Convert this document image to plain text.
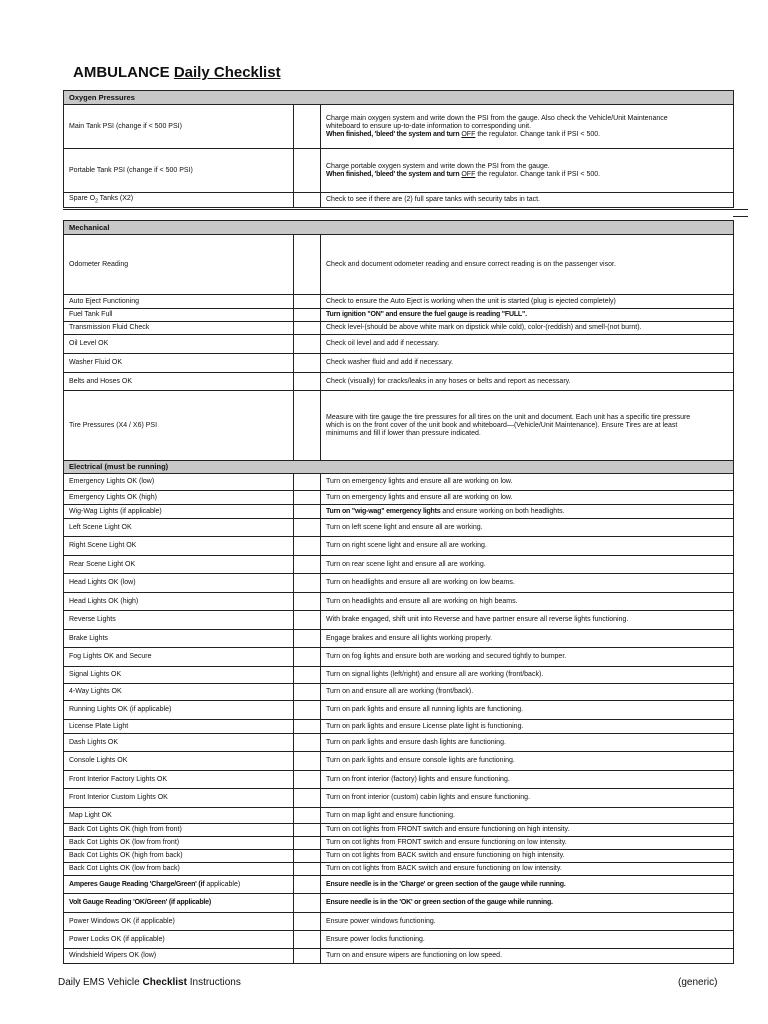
AMBULANCE Daily Checklist
Oxygen Pressures		
Main Tank PSI (change if < 500 PSI)		Charge main oxygen system and write down the PSI from the gauge. Also check the Vehicle/Unit Maintenance
whiteboard to ensure up-to-date information to corresponding unit.
When finished, 'bleed' the system and turn OFF the regulator. Change tank if PSI < 500.

Portable Tank PSI (change if < 500 PSI)		Charge portable oxygen system and write down the PSI from the gauge.
When finished, 'bleed' the system and turn OFF the regulator. Change tank if PSI < 500.

Spare $O_2$ Tanks (X2)		Check to see if there are (2) full spare tanks with security tabs in tact.
Mechanical		
Odometer Reading		Check and document odometer reading and ensure correct reading is on the passenger visor.
Auto Eject Functioning		Check to ensure the Auto Eject is working when the unit is started (plug is ejected completely)
Fuel Tank Full		Turn ignition "ON" and ensure the fuel gauge is reading "FULL".
Transmission Fluid Check		Check level-(should be above white mark on dipstick while cold), color-(reddish) and smell-(not burnt).
Oil Level OK		Check oil level and add if necessary.
Washer Fluid OK		Check washer fluid and add if necessary.
Belts and Hoses OK		Check (visually) for cracks/leaks in any hoses or belts and report as necessary.
Tire Pressures (X4 / X6) PSI		Measure with tire gauge the tire pressures for all tires on the unit and document. Each unit has a specific tire pressure
which is on the front cover of the unit book and whiteboard—(Vehicle/Unit Maintenance). Ensure Tires are at least
minimums and fill if lower than pressure indicated.

Electrical (must be running)		
Emergency Lights OK (low)		Turn on emergency lights and ensure all are working on low.
Emergency Lights OK (high)		Turn on emergency lights and ensure all are working on low.
Wig-Wag Lights (if applicable)		Turn on "wig-wag" emergency lights and ensure working on both headlights.
Left Scene Light OK		Turn on left scene light and ensure all are working.
Right Scene Light OK		Turn on right scene light and ensure all are working.
Rear Scene Light OK		Turn on rear scene light and ensure all are working.
Head Lights OK (low)		Turn on headlights and ensure all are working on low beams.
Head Lights OK (high)		Turn on headlights and ensure all are working on high beams.
Reverse Lights		With brake engaged, shift unit into Reverse and have partner ensure all reverse lights functioning.
Brake Lights		Engage brakes and ensure all lights working properly.
Fog Lights OK and Secure		Turn on fog lights and ensure both are working and secured tightly to bumper.
Signal Lights OK		Turn on signal lights (left/right) and ensure all are working (front/back).
4-Way Lights OK		Turn on and ensure all are working (front/back).
Running Lights OK (if applicable)		Turn on park lights and ensure all running lights are functioning.
License Plate Light		Turn on park lights and ensure License plate light is functioning.
Dash Lights OK		Turn on park lights and ensure dash lights are functioning.
Console Lights OK		Turn on park lights and ensure console lights are functioning.
Front Interior Factory Lights OK		Turn on front interior (factory) lights and ensure functioning.
Front Interior Custom Lights OK		Turn on front interior (custom) cabin lights and ensure functioning.
Map Light OK		Turn on map light and ensure functioning.
Back Cot Lights OK (high from front)		Turn on cot lights from FRONT switch and ensure functioning on high intensity.
Back Cot Lights OK (low from front)		Turn on cot lights from FRONT switch and ensure functioning on low intensity.
Back Cot Lights OK (high from back)		Turn on cot lights from BACK switch and ensure functioning on high intensity.
Back Cot Lights OK (low from back)		Turn on cot lights from BACK switch and ensure functioning on low intensity.
Amperes Gauge Reading 'Charge/Green' (if applicable)		Ensure needle is in the 'Charge' or green section of the gauge while running.
Volt Gauge Reading 'OK/Green' (if applicable)		Ensure needle is in the 'OK' or green section of the gauge while running.
Power Windows OK (if applicable)		Ensure power windows functioning.
Power Locks OK (if applicable)		Ensure power locks functioning.
Windshield Wipers OK (low)		Turn on and ensure wipers are functioning on low speed.
Daily EMS Vehicle Checklist Instructions	(generic)
